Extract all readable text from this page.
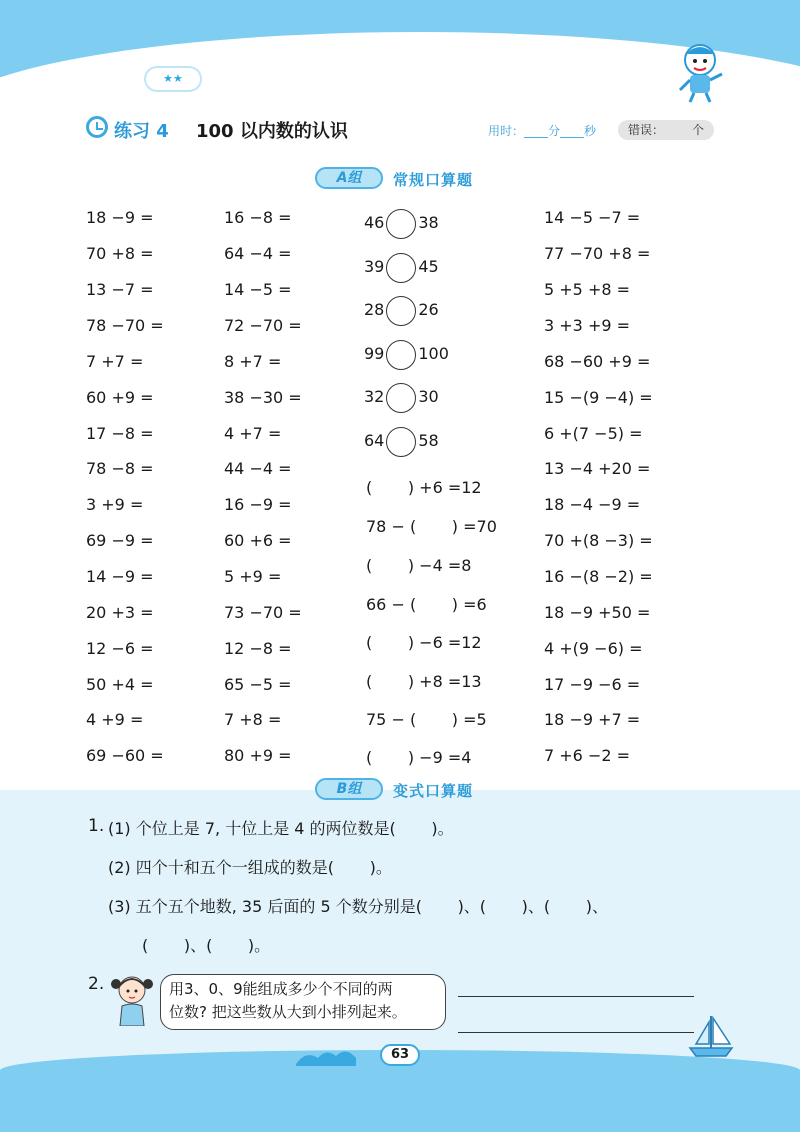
难易等级：	★★	第8单元 总复习
练习 4 100 以内数的认识	用时：____分____秒	错误： 个
A组	常规口算题
18 −9 =
70 +8 =
13 −7 =
78 −70 =
7 +7 =
60 +9 =
17 −8 =
78 −8 =
3 +9 =
69 −9 =
14 −9 =
20 +3 =
12 −6 =
50 +4 =
4 +9 =
69 −60 =
16 −8 =
64 −4 =
14 −5 =
72 −70 =
8 +7 =
38 −30 =
4 +7 =
44 −4 =
16 −9 =
60 +6 =
5 +9 =
73 −70 =
12 −8 =
65 −5 =
7 +8 =
80 +9 =
46 38
39 45
28 26
99 100
32 30
64 58
(       ) +6 =12
78 − (       ) =70
(       ) −4 =8
66 − (       ) =6
(       ) −6 =12
(       ) +8 =13
75 − (       ) =5
(       ) −9 =4
14 −5 −7 =
77 −70 +8 =
5 +5 +8 =
3 +3 +9 =
68 −60 +9 =
15 −(9 −4) =
6 +(7 −5) =
13 −4 +20 =
18 −4 −9 =
70 +(8 −3) =
16 −(8 −2) =
18 −9 +50 =
4 +(9 −6) =
17 −9 −6 =
18 −9 +7 =
7 +6 −2 =
B组	变式口算题
1. (1) 个位上是 7, 十位上是 4 的两位数是(       )。
(2) 四个十和五个一组成的数是(       )。
(3) 五个五个地数, 35 后面的 5 个数分别是(       )、(       )、(       )、
(       )、(       )。
2.	用3、0、9能组成多少个不同的两
位数? 把这些数从大到小排列起来。
63
